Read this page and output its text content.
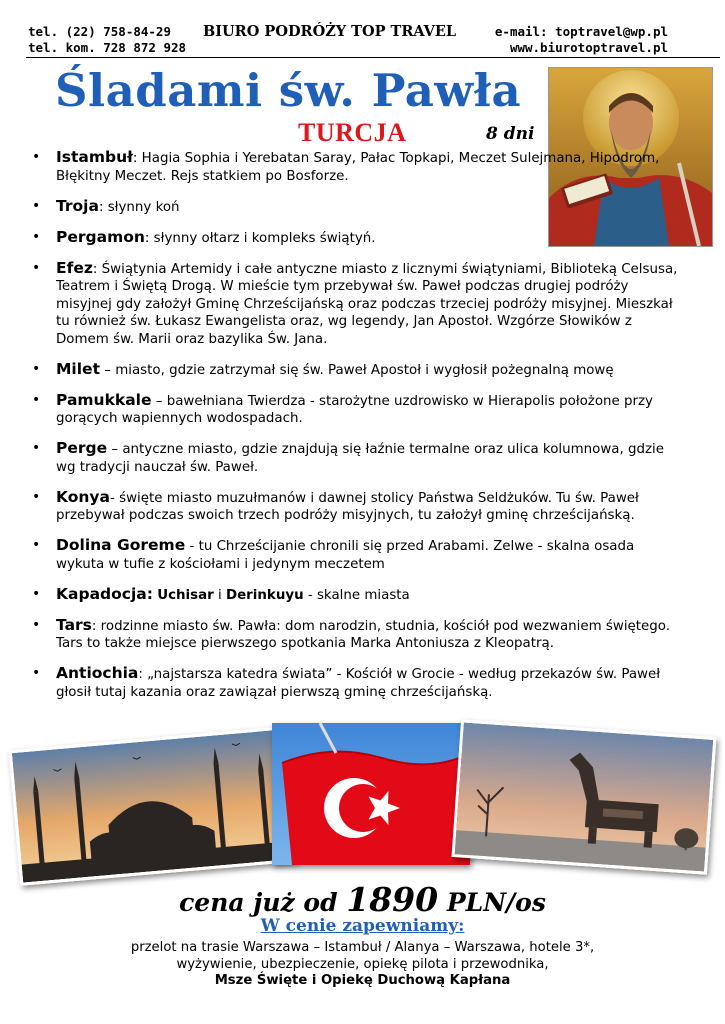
tel. (22) 758-84-29 BIURO PODRÓŻY TOP TRAVEL	e-mail: toptravel@wp.pl
tel. kom. 728 872 928	www.biurotoptravel.pl
Śladami św. Pawła
TURCJA	8 dni
• Istambuł: Hagia Sophia i Yerebatan Saray, Pałac Topkapi, Meczet Sulejmana, Hipodrom, Błękitny Meczet. Rejs statkiem po Bosforze.
• Troja: słynny koń
• Pergamon: słynny ołtarz i kompleks świątyń.
• Efez: Świątynia Artemidy i całe antyczne miasto z licznymi świątyniami, Biblioteką Celsusa, Teatrem i Świętą Drogą. W mieście tym przebywał św. Paweł podczas drugiej podróży misyjnej gdy założył Gminę Chrześcijańską oraz podczas trzeciej podróży misyjnej. Mieszkał tu również św. Łukasz Ewangelista oraz, wg legendy, Jan Apostoł. Wzgórze Słowików z Domem św. Marii oraz bazylika Św. Jana.
• Milet – miasto, gdzie zatrzymał się św. Paweł Apostoł i wygłosił pożegnalną mowę
• Pamukkale – bawełniana Twierdza - starożytne uzdrowisko w Hierapolis położone przy gorących wapiennych wodospadach.
• Perge – antyczne miasto, gdzie znajdują się łaźnie termalne oraz ulica kolumnowa, gdzie wg tradycji nauczał św. Paweł.
• Konya- święte miasto muzułmanów i dawnej stolicy Państwa Seldżuków. Tu św. Paweł przebywał podczas swoich trzech podróży misyjnych, tu założył gminę chrześcijańską.
• Dolina Goreme - tu Chrześcijanie chronili się przed Arabami. Zelwe - skalna osada wykuta w tufie z kościołami i jedynym meczetem
• Kapadocja: Uchisar i Derinkuyu - skalne miasta
• Tars: rodzinne miasto św. Pawła: dom narodzin, studnia, kościół pod wezwaniem świętego. Tars to także miejsce pierwszego spotkania Marka Antoniusza z Kleopatrą.
• Antiochia: „najstarsza katedra świata” - Kościół w Grocie - według przekazów św. Paweł głosił tutaj kazania oraz zawiązał pierwszą gminę chrześcijańską.
cena już od 1890 PLN/os
W cenie zapewniamy:
przelot na trasie Warszawa – Istambuł / Alanya – Warszawa, hotele 3*,
wyżywienie, ubezpieczenie, opiekę pilota i przewodnika,
Msze Święte i Opiekę Duchową Kapłana
